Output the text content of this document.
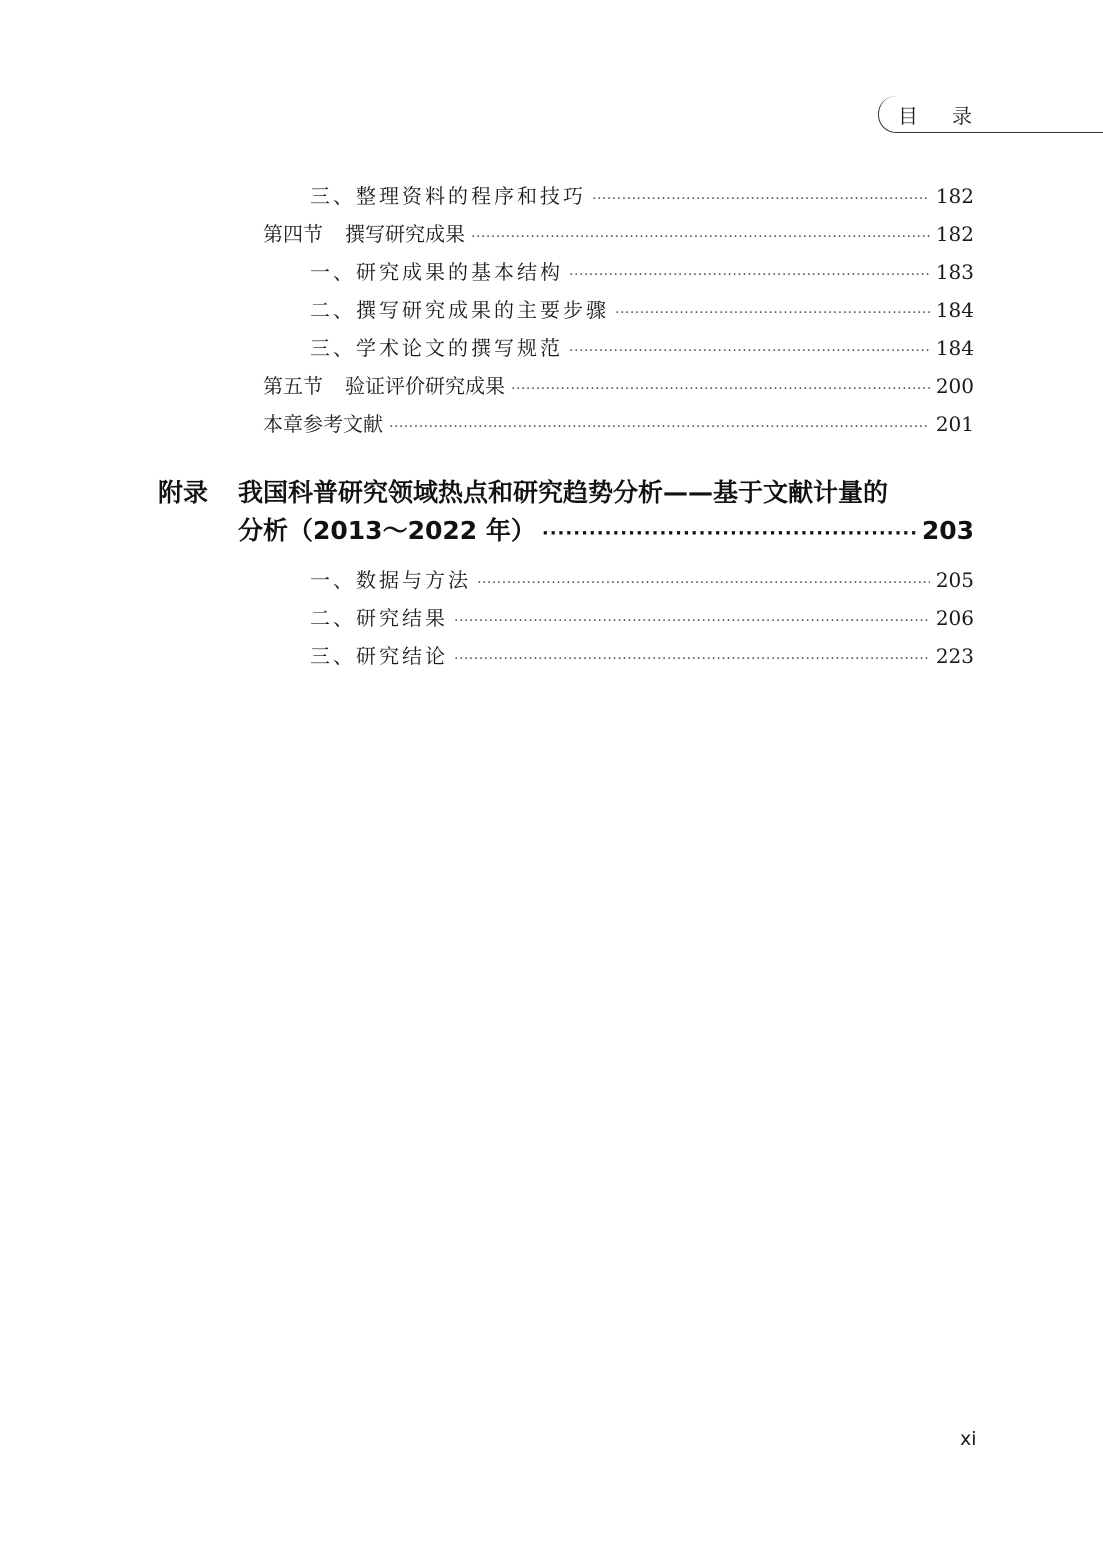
目录
三、整理资料的程序和技巧 ·····	182
第四节 撰写研究成果 ·····	182
一、研究成果的基本结构 ·····	183
二、撰写研究成果的主要步骤 ·····	184
三、学术论文的撰写规范 ·····	184
第五节 验证评价研究成果 ·····	200
本章参考文献 ·····	201
附录 我国科普研究领域热点和研究趋势分析——基于文献计量的
分析（2013～2022 年） ·····	203
一、数据与方法 ·····	205
二、研究结果 ·····	206
三、研究结论 ·····	223
xi
